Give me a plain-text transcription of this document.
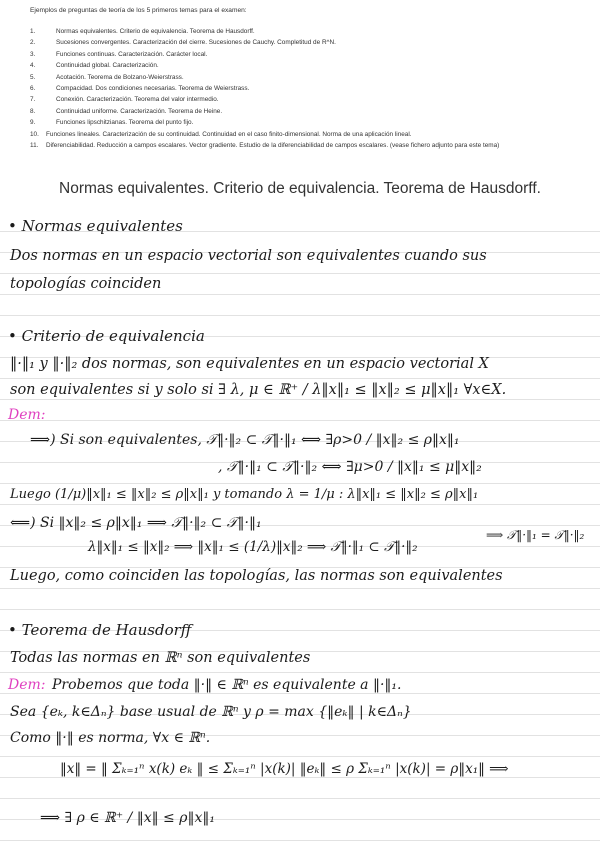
Ejemplos de preguntas de teoría de los 5 primeros temas para el examen:

1.	Normas equivalentes. Criterio de equivalencia. Teorema de Hausdorff.
2.	Sucesiones convergentes. Caracterización del cierre. Sucesiones de Cauchy. Completitud de R^N.
3.	Funciones continuas. Caracterización. Carácter local.
4.	Continuidad global. Caracterización.
5.	Acotación. Teorema de Bolzano-Weierstrass.
6.	Compacidad. Dos condiciones necesarias. Teorema de Weierstrass.
7.	Conexión. Caracterización. Teorema del valor intermedio.
8.	Continuidad uniforme. Caracterización. Teorema de Heine.
9.	Funciones lipschitzianas. Teorema del punto fijo.
10.	Funciones lineales. Caracterización de su continuidad. Continuidad en el caso finito-dimensional. Norma de una aplicación lineal.
11.	Diferenciabilidad. Reducción a campos escalares. Vector gradiente. Estudio de la diferenciabilidad de campos escalares. (vease fichero adjunto para este tema)
Normas equivalentes. Criterio de equivalencia. Teorema de Hausdorff.
• Normas equivalentes
Dos normas en un espacio vectorial son equivalentes cuando sus
topologías coinciden
• Criterio de equivalencia
‖·‖₁ y ‖·‖₂ dos normas, son equivalentes en un espacio vectorial X
son equivalentes si y solo si ∃ λ, μ ∈ ℝ⁺ / λ‖x‖₁ ≤ ‖x‖₂ ≤ μ‖x‖₁ ∀x∈X.
Dem:
⟹) Si son equivalentes, 𝒯‖·‖₂ ⊂ 𝒯‖·‖₁ ⟺ ∃ρ>0 / ‖x‖₂ ≤ ρ‖x‖₁
, 𝒯‖·‖₁ ⊂ 𝒯‖·‖₂ ⟺ ∃μ>0 / ‖x‖₁ ≤ μ‖x‖₂
Luego (1/μ)‖x‖₁ ≤ ‖x‖₂ ≤ ρ‖x‖₁ y tomando λ = 1/μ : λ‖x‖₁ ≤ ‖x‖₂ ≤ ρ‖x‖₁
⟸) Si ‖x‖₂ ≤ ρ‖x‖₁ ⟹ 𝒯‖·‖₂ ⊂ 𝒯‖·‖₁
⟹ 𝒯‖·‖₁ = 𝒯‖·‖₂
λ‖x‖₁ ≤ ‖x‖₂ ⟹ ‖x‖₁ ≤ (1/λ)‖x‖₂ ⟹ 𝒯‖·‖₁ ⊂ 𝒯‖·‖₂
Luego, como coinciden las topologías, las normas son equivalentes
• Teorema de Hausdorff
Todas las normas en ℝⁿ son equivalentes
Dem: Probemos que toda ‖·‖ ∈ ℝⁿ es equivalente a ‖·‖₁.
Sea {eₖ, k∈Δₙ} base usual de ℝⁿ y ρ = max {‖eₖ‖ | k∈Δₙ}
Como ‖·‖ es norma, ∀x ∈ ℝⁿ.
‖x‖ = ‖ Σₖ₌₁ⁿ x(k) eₖ ‖ ≤ Σₖ₌₁ⁿ |x(k)| ‖eₖ‖ ≤ ρ Σₖ₌₁ⁿ |x(k)| = ρ‖x₁‖ ⟹
⟹ ∃ ρ ∈ ℝ⁺ / ‖x‖ ≤ ρ‖x‖₁
